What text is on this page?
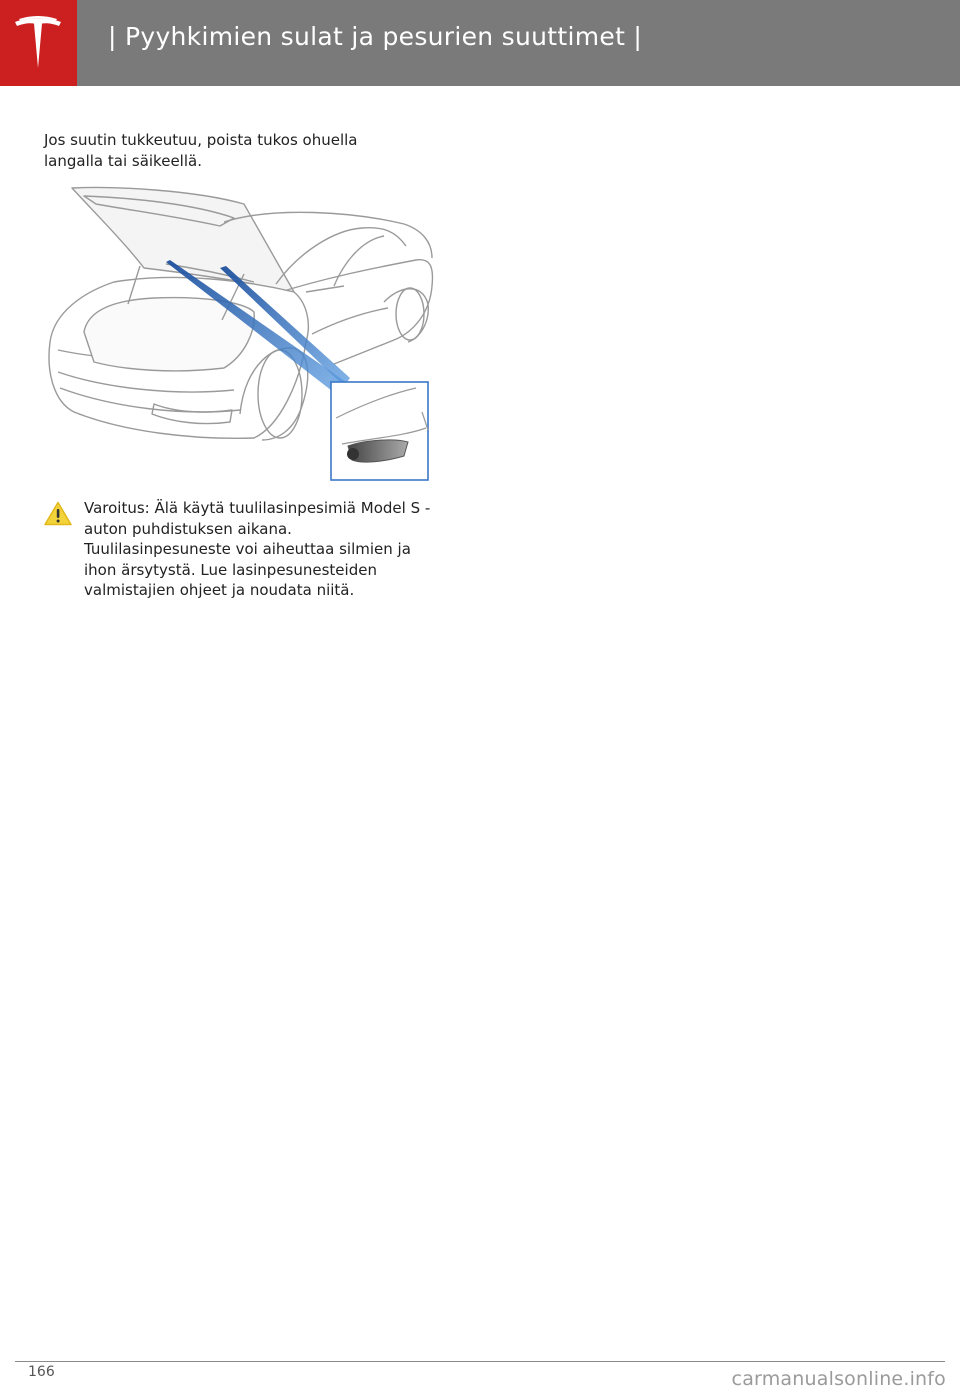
| Pyyhkimien sulat ja pesurien suuttimet |
Jos suutin tukkeutuu, poista tukos ohuella langalla tai säikeellä.
Varoitus: Älä käytä tuulilasinpesimiä Model S -auton puhdistuksen aikana. Tuulilasinpesuneste voi aiheuttaa silmien ja ihon ärsytystä. Lue lasinpesunesteiden valmistajien ohjeet ja noudata niitä.
166	carmanualsonline.info
